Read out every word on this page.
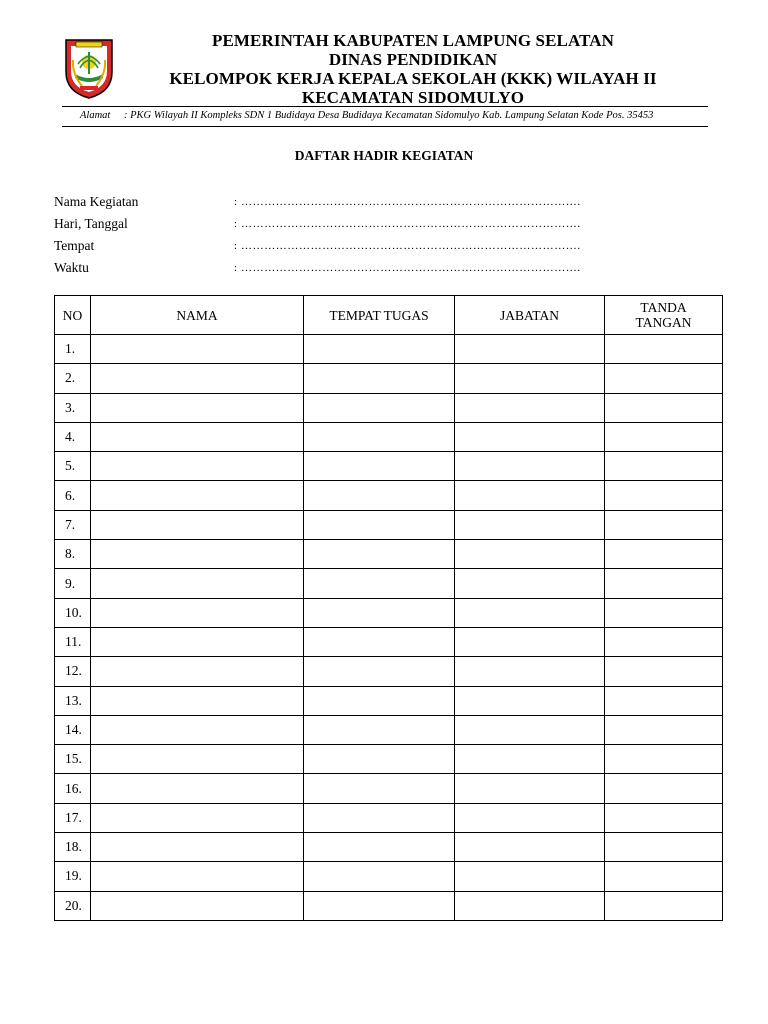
PEMERINTAH KABUPATEN LAMPUNG SELATAN
DINAS PENDIDIKAN
KELOMPOK KERJA KEPALA SEKOLAH (KKK) WILAYAH II
KECAMATAN SIDOMULYO
Alamat : PKG Wilayah II Kompleks SDN 1 Budidaya Desa Budidaya Kecamatan Sidomulyo Kab. Lampung Selatan Kode Pos. 35453
DAFTAR HADIR KEGIATAN
Nama Kegiatan	: …………………………………………………………………………….
Hari, Tanggal	: …………………………………………………………………………….
Tempat	: …………………………………………………………………………….
Waktu	: …………………………………………………………………………….
NO	NAMA	TEMPAT TUGAS	JABATAN	TANDA TANGAN
1.				
2.				
3.				
4.				
5.				
6.				
7.				
8.				
9.				
10.				
11.				
12.				
13.				
14.				
15.				
16.				
17.				
18.				
19.				
20.				
